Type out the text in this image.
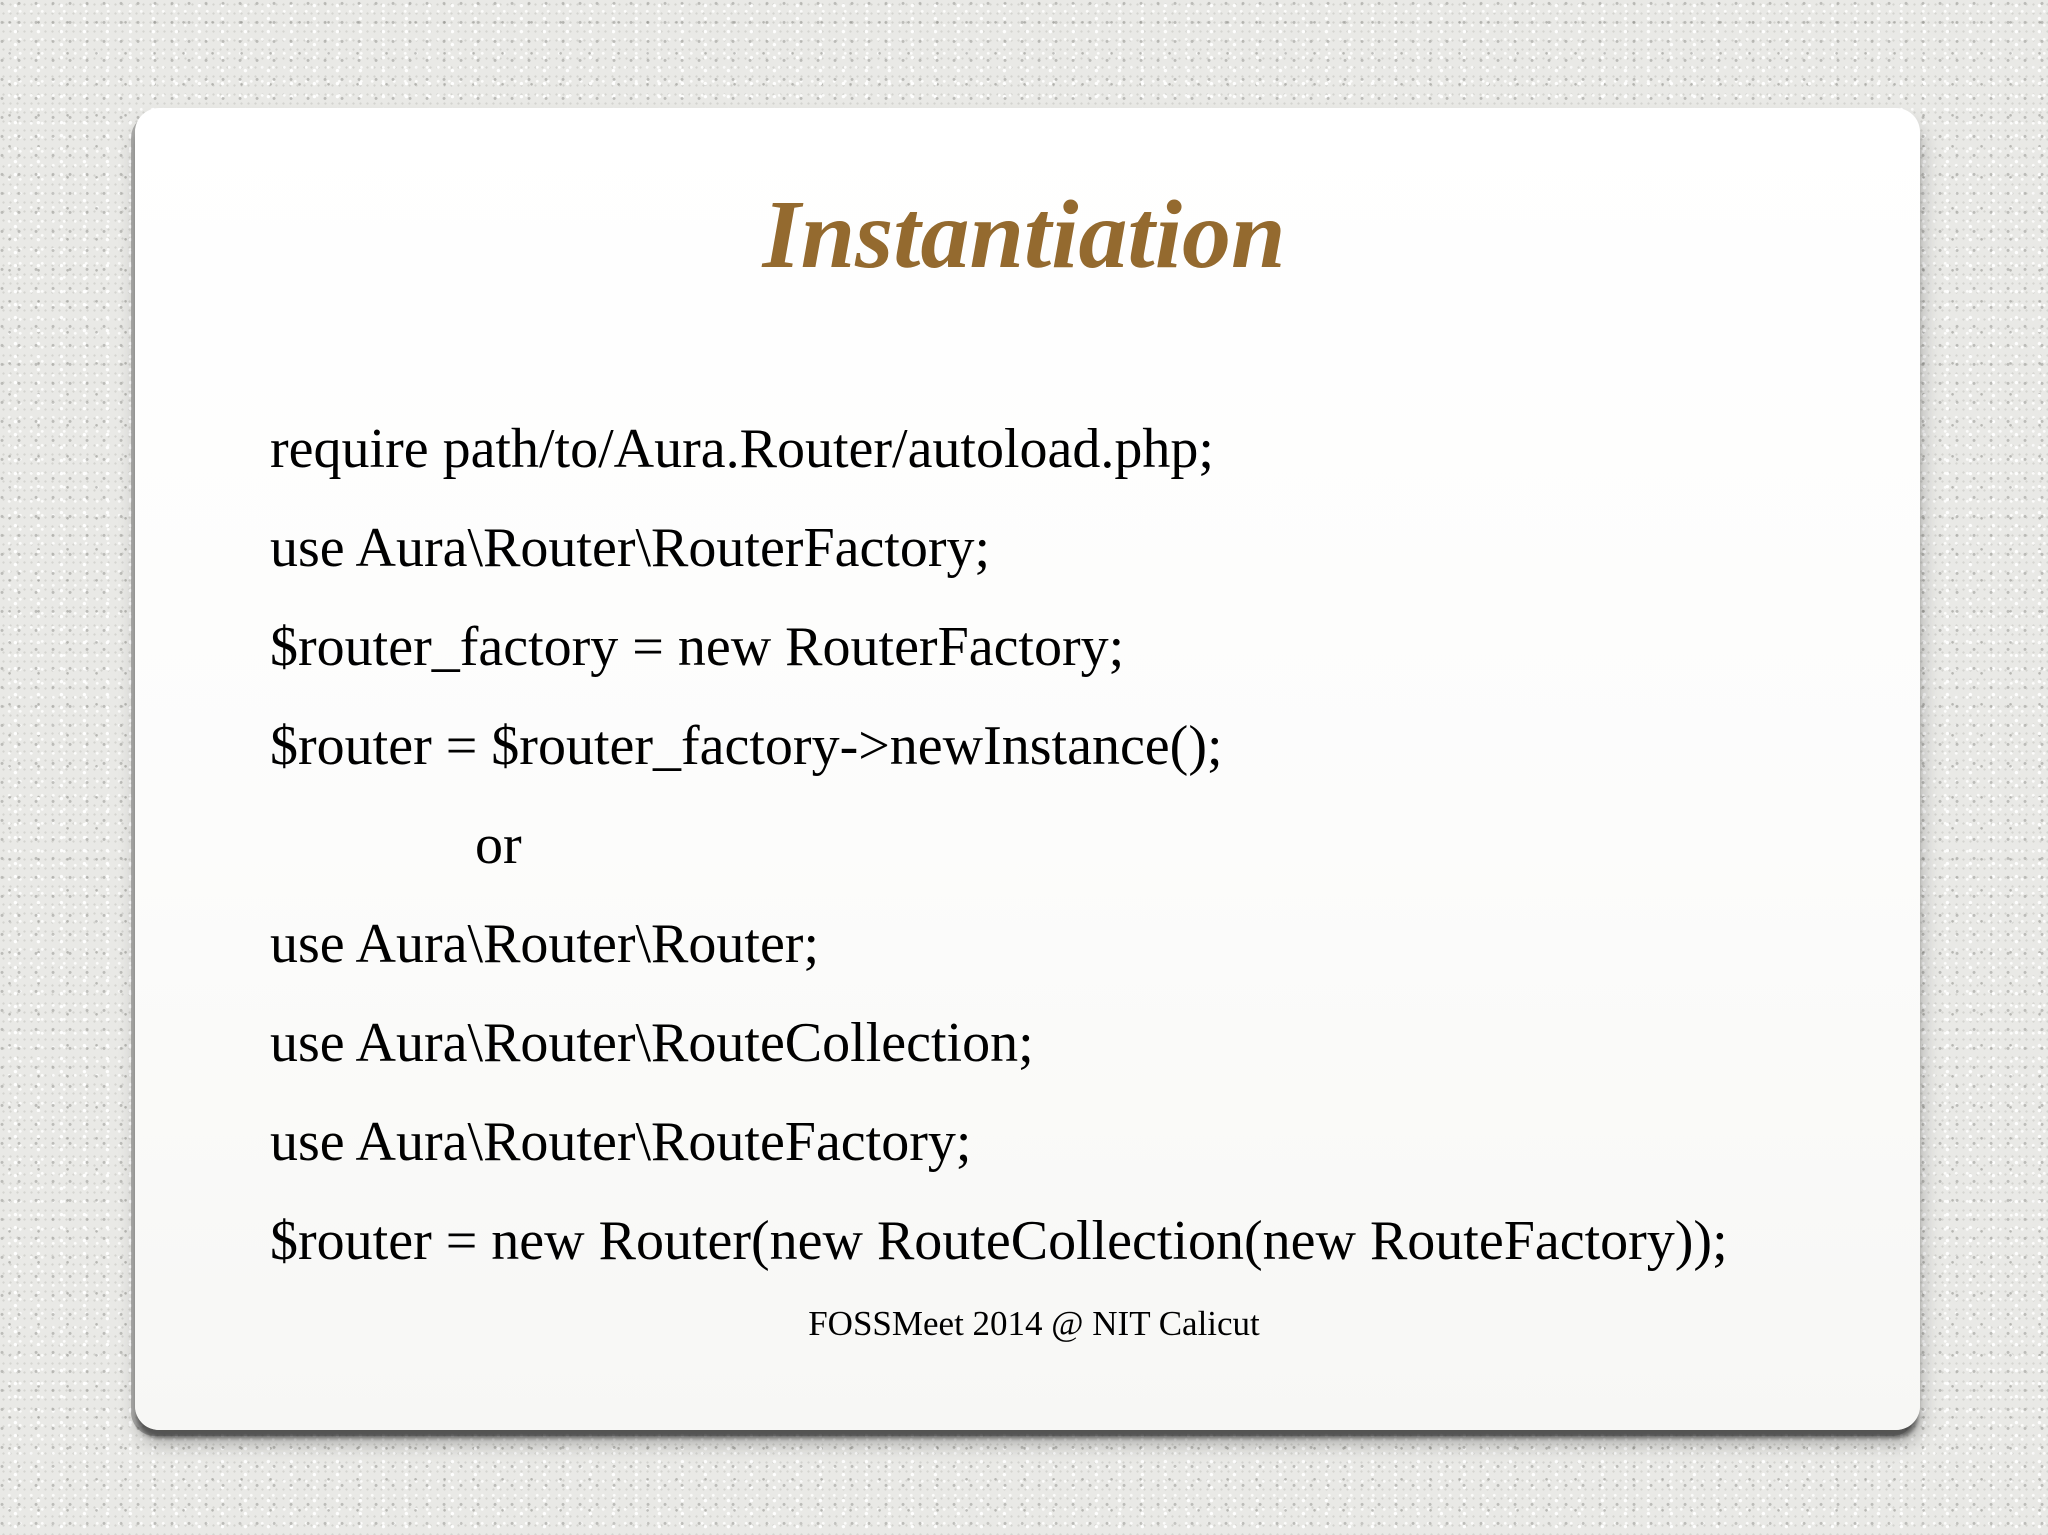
Instantiation
require path/to/Aura.Router/autoload.php;
use Aura\Router\RouterFactory;
$router_factory = new RouterFactory;
$router = $router_factory->newInstance();
or
use Aura\Router\Router;
use Aura\Router\RouteCollection;
use Aura\Router\RouteFactory;
$router = new Router(new RouteCollection(new RouteFactory));
FOSSMeet 2014 @ NIT Calicut
